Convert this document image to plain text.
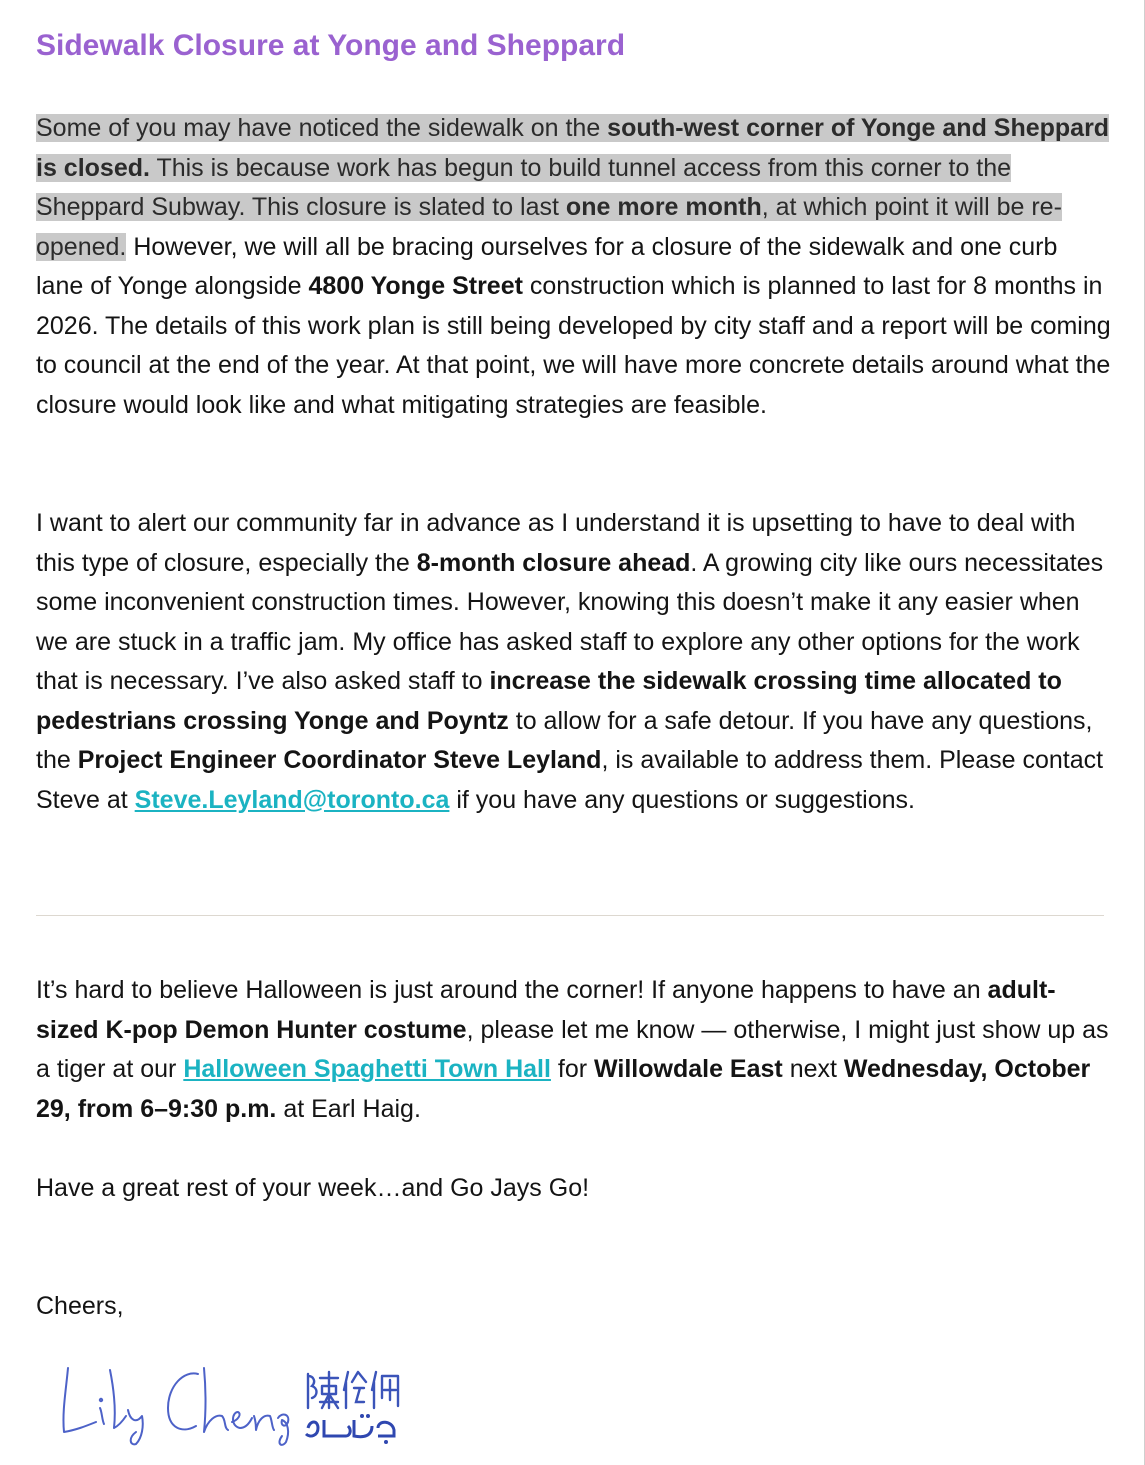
Sidewalk Closure at Yonge and Sheppard

Some of you may have noticed the sidewalk on the south-west corner of Yonge and Sheppard is closed. This is because work has begun to build tunnel access from this corner to the Sheppard Subway. This closure is slated to last one more month, at which point it will be re-opened. However, we will all be bracing ourselves for a closure of the sidewalk and one curb lane of Yonge alongside 4800 Yonge Street construction which is planned to last for 8 months in 2026. The details of this work plan is still being developed by city staff and a report will be coming to council at the end of the year. At that point, we will have more concrete details around what the closure would look like and what mitigating strategies are feasible.

I want to alert our community far in advance as I understand it is upsetting to have to deal with this type of closure, especially the 8-month closure ahead. A growing city like ours necessitates some inconvenient construction times. However, knowing this doesn’t make it any easier when we are stuck in a traffic jam. My office has asked staff to explore any other options for the work that is necessary. I’ve also asked staff to increase the sidewalk crossing time allocated to pedestrians crossing Yonge and Poyntz to allow for a safe detour. If you have any questions, the Project Engineer Coordinator Steve Leyland, is available to address them. Please contact Steve at Steve.Leyland@toronto.ca if you have any questions or suggestions.

It’s hard to believe Halloween is just around the corner! If anyone happens to have an adult-sized K-pop Demon Hunter costume, please let me know — otherwise, I might just show up as a tiger at our Halloween Spaghetti Town Hall for Willowdale East next Wednesday, October 29, from 6–9:30 p.m. at Earl Haig.

Have a great rest of your week…and Go Jays Go!

Cheers,
